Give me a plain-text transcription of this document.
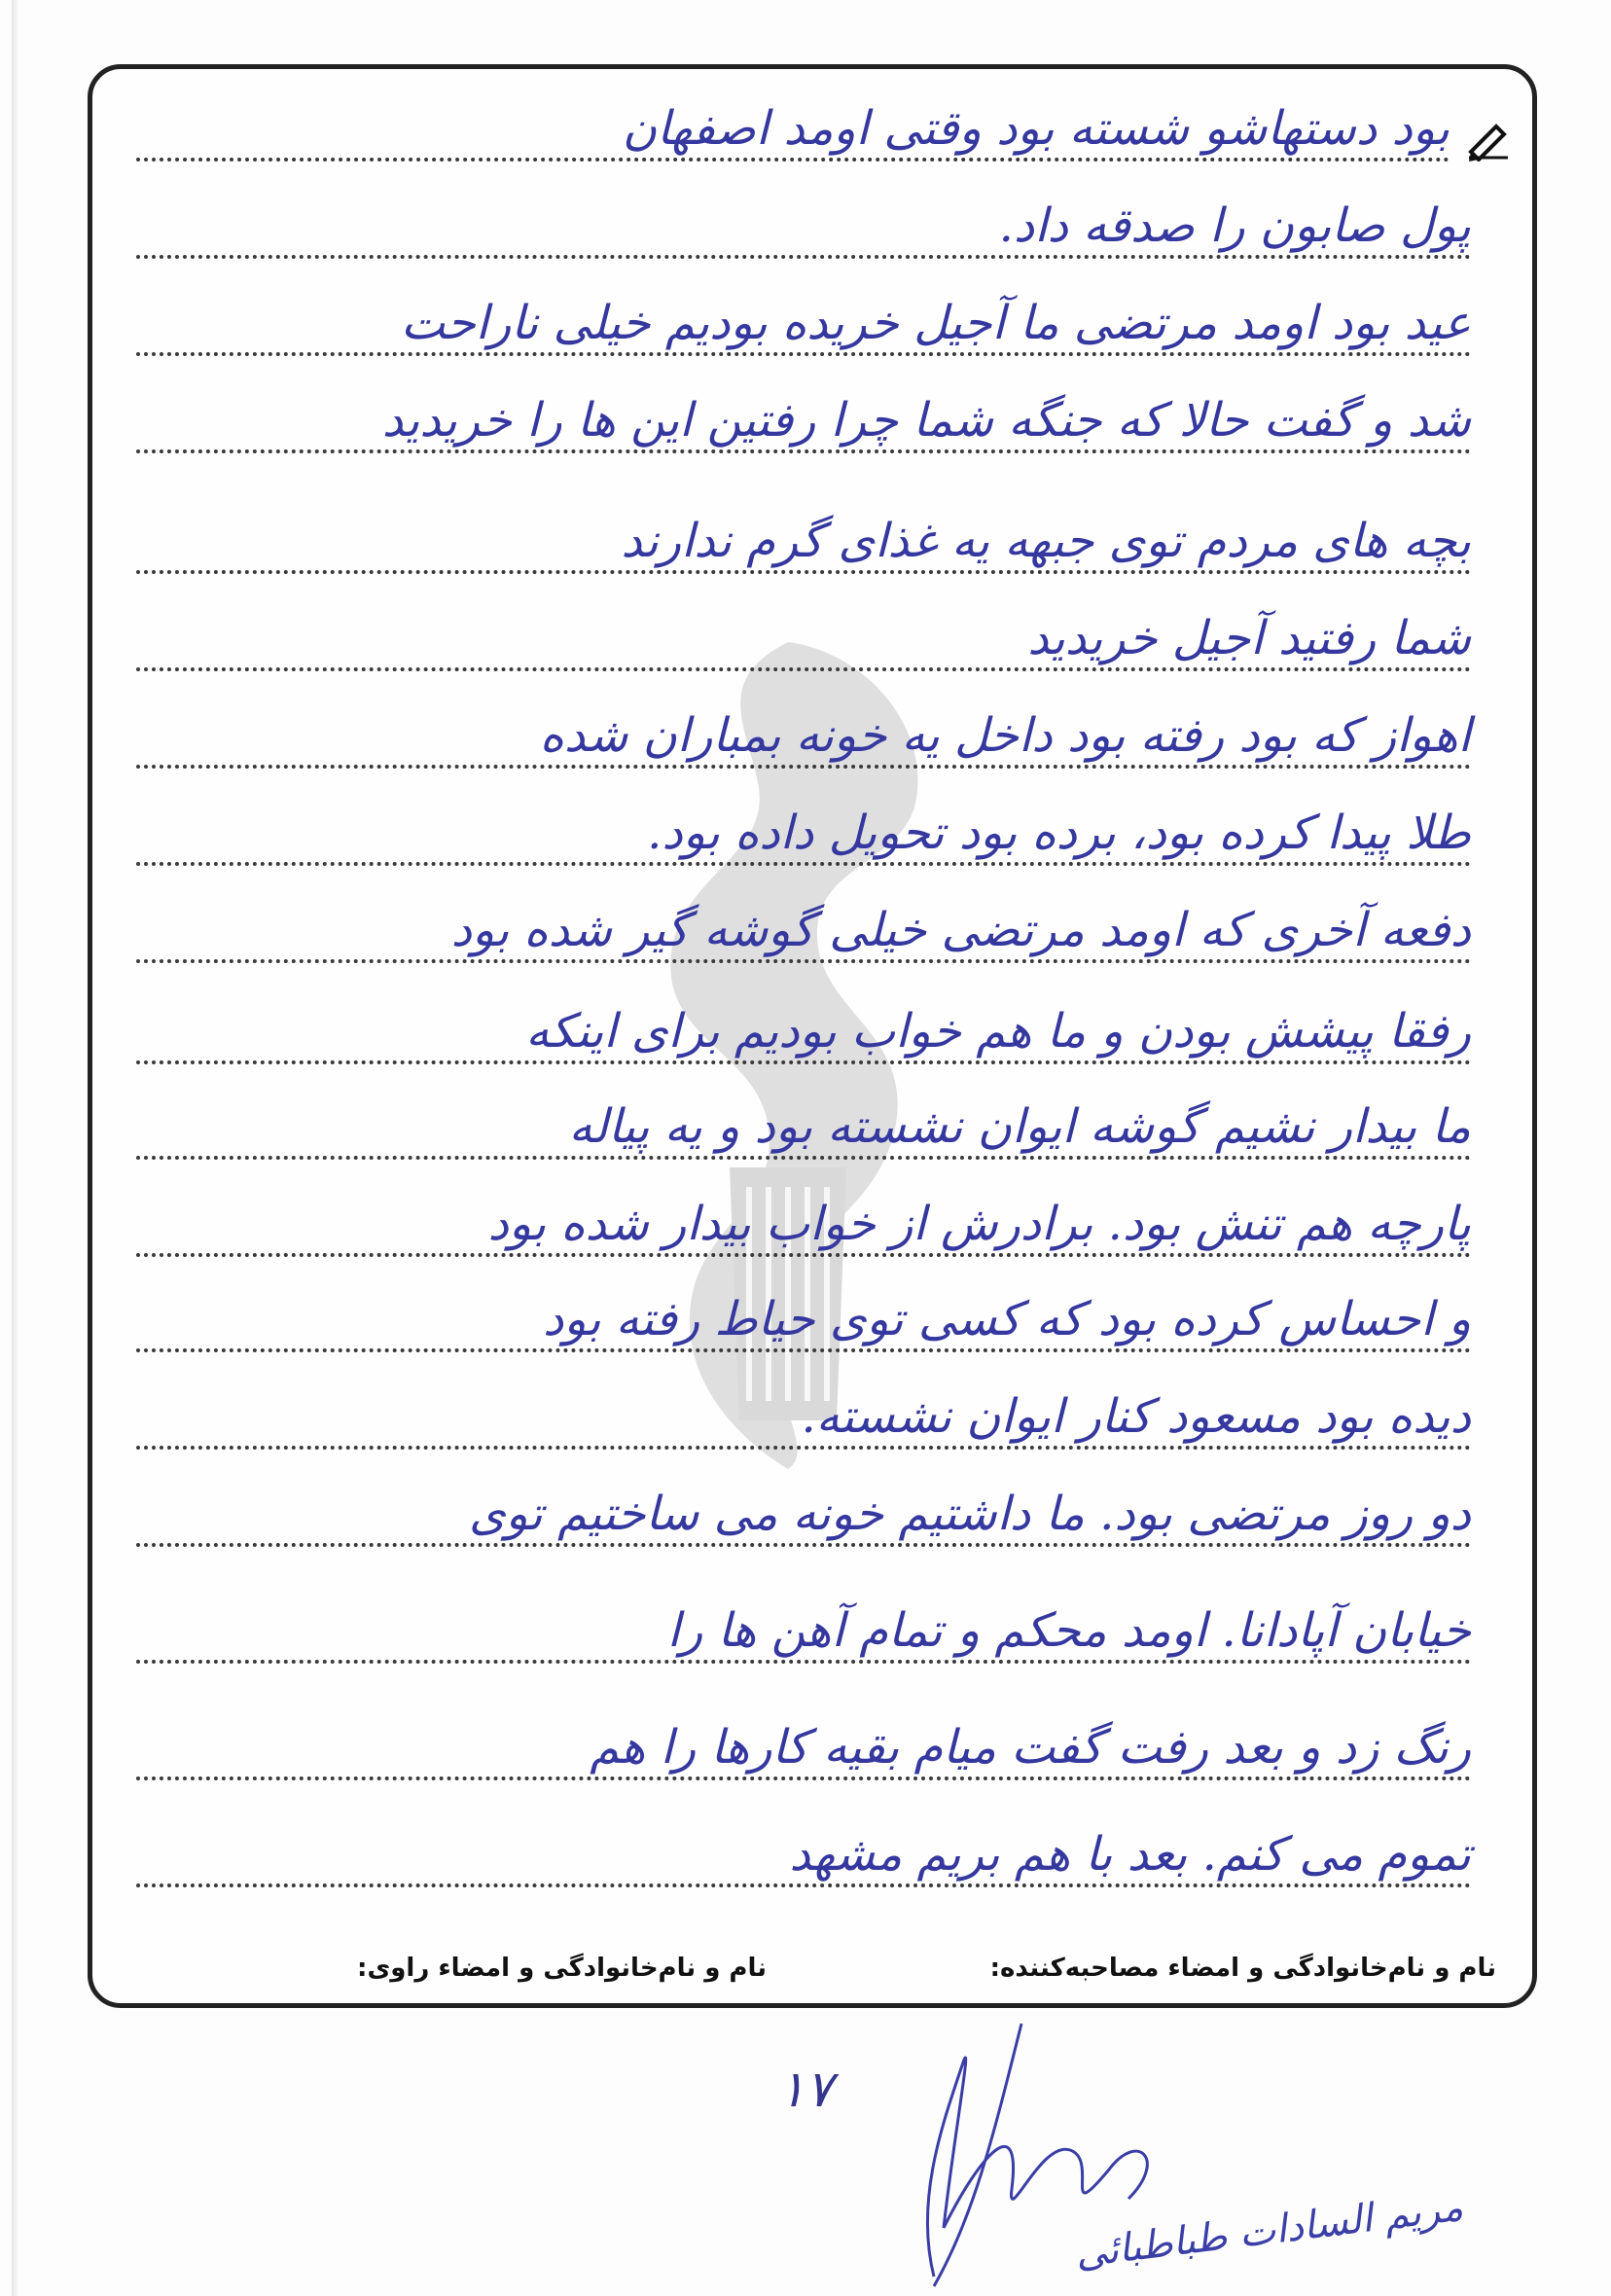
بود دستهاشو شسته بود وقتی اومد اصفهان
پول صابون را صدقه داد.
عید بود اومد مرتضی ما آجیل خریده بودیم خیلی ناراحت
شد و گفت حالا که جنگه شما چرا رفتین این ها را خریدید
بچه های مردم توی جبهه یه غذای گرم ندارند
شما رفتید آجیل خریدید
اهواز که بود رفته بود داخل یه خونه بمباران شده
طلا پیدا کرده بود، برده بود تحویل داده بود.
دفعه آخری که اومد مرتضی خیلی گوشه گیر شده بود
رفقا پیشش بودن و ما هم خواب بودیم برای اینکه
ما بیدار نشیم گوشه ایوان نشسته بود و یه پیاله
پارچه هم تنش بود. برادرش از خواب بیدار شده بود
و احساس کرده بود که کسی توی حیاط رفته بود
دیده بود مسعود کنار ایوان نشسته.
دو روز مرتضی بود. ما داشتیم خونه می ساختیم توی
خیابان آپادانا. اومد محکم و تمام آهن ها را
رنگ زد و بعد رفت گفت میام بقیه کارها را هم
تموم می کنم. بعد با هم بریم مشهد
نام و نام‌خانوادگی و امضاء مصاحبه‌کننده:
نام و نام‌خانوادگی و امضاء راوی:
۱۷
مریم السادات طباطبائی
